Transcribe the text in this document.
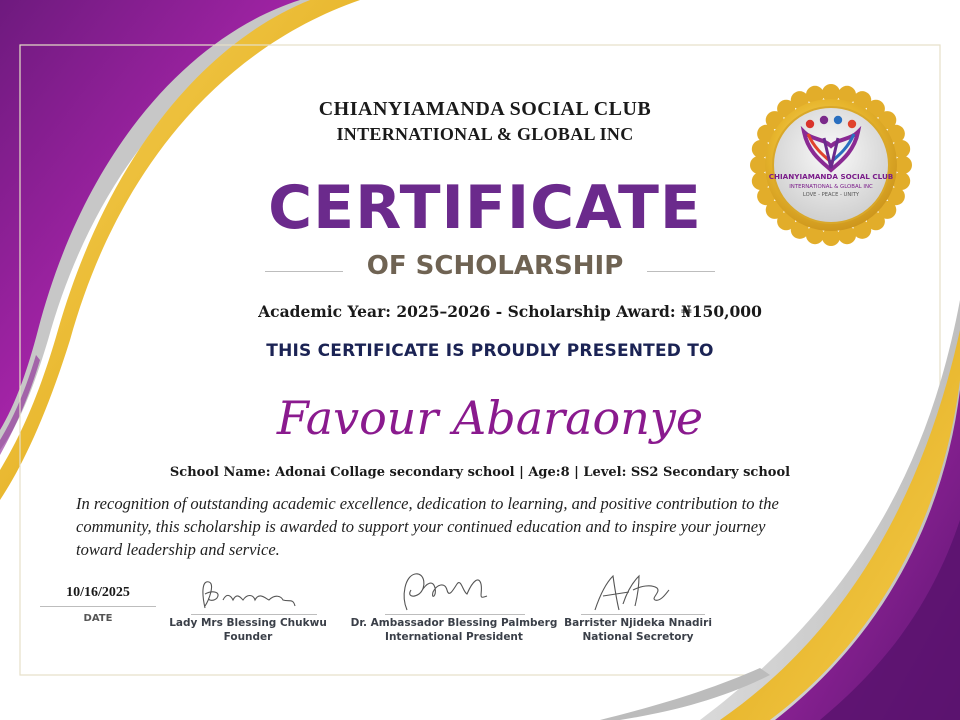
CHIANYIAMANDA SOCIAL CLUB
INTERNATIONAL & GLOBAL INC
CERTIFICATE
OF SCHOLARSHIP
Academic Year: 2025–2026 - Scholarship Award: ₦150,000
THIS CERTIFICATE IS PROUDLY PRESENTED TO
Favour Abaraonye
School Name: Adonai Collage secondary school | Age:8 | Level: SS2 Secondary school
In recognition of outstanding academic excellence, dedication to learning, and positive contribution to the community, this scholarship is awarded to support your continued education and to inspire your journey toward leadership and service.
10/16/2025
DATE	Lady Mrs Blessing Chukwu
Founder
Dr. Ambassador Blessing Palmberg
International President
Barrister Njideka Nnadiri
National Secretory
CHIANYIAMANDA SOCIAL CLUB
INTERNATIONAL & GLOBAL INC
LOVE - PEACE - UNITY
